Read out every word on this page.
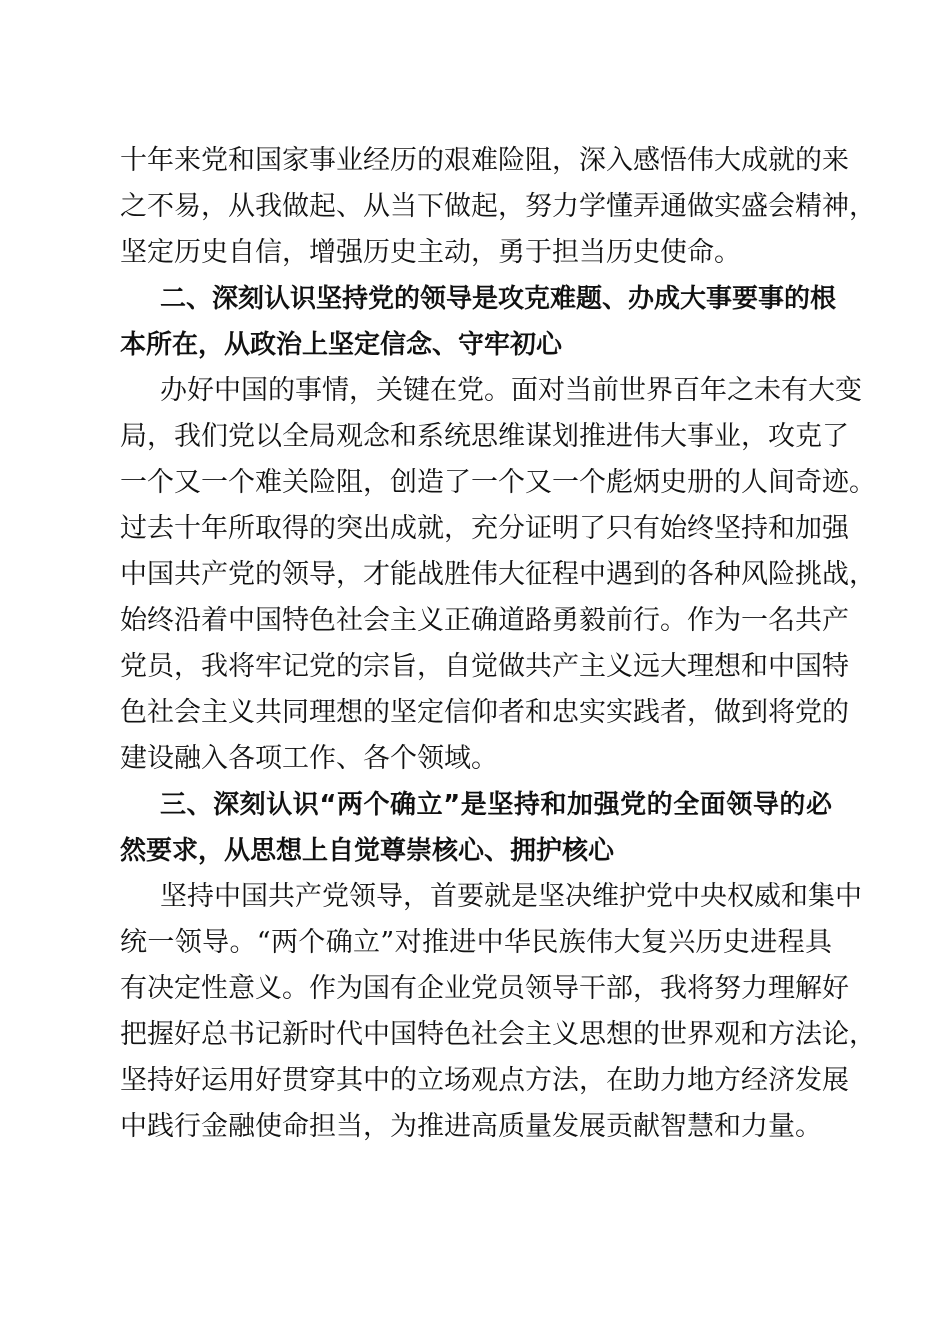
十年来党和国家事业经历的艰难险阻，深入感悟伟大成就的来
之不易，从我做起、从当下做起，努力学懂弄通做实盛会精神，
坚定历史自信，增强历史主动，勇于担当历史使命。
二、深刻认识坚持党的领导是攻克难题、办成大事要事的根
本所在，从政治上坚定信念、守牢初心
办好中国的事情，关键在党。面对当前世界百年之未有大变
局，我们党以全局观念和系统思维谋划推进伟大事业，攻克了
一个又一个难关险阻，创造了一个又一个彪炳史册的人间奇迹。
过去十年所取得的突出成就，充分证明了只有始终坚持和加强
中国共产党的领导，才能战胜伟大征程中遇到的各种风险挑战，
始终沿着中国特色社会主义正确道路勇毅前行。作为一名共产
党员，我将牢记党的宗旨，自觉做共产主义远大理想和中国特
色社会主义共同理想的坚定信仰者和忠实实践者，做到将党的
建设融入各项工作、各个领域。
三、深刻认识“两个确立”是坚持和加强党的全面领导的必
然要求，从思想上自觉尊崇核心、拥护核心
坚持中国共产党领导，首要就是坚决维护党中央权威和集中
统一领导。“两个确立”对推进中华民族伟大复兴历史进程具
有决定性意义。作为国有企业党员领导干部，我将努力理解好
把握好总书记新时代中国特色社会主义思想的世界观和方法论，
坚持好运用好贯穿其中的立场观点方法，在助力地方经济发展
中践行金融使命担当，为推进高质量发展贡献智慧和力量。
